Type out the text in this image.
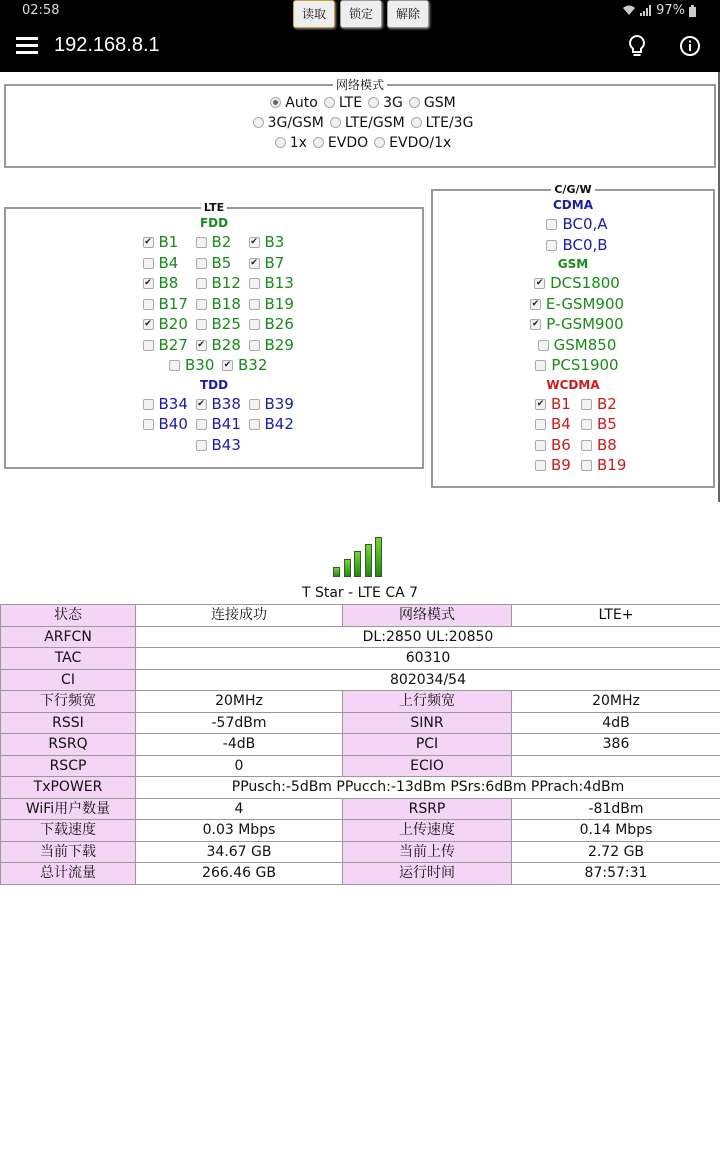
02:58	97%
192.168.8.1
网络模式
Auto LTE 3G GSM
3G/GSM LTE/GSM LTE/3G
1x EVDO EVDO/1x
LTE
FDD
✔B1 B2 ✔ B3
B4 B5 ✔ B7
✔B8 B12 B13
B17 B18 B19
✔B20 B25 B26
B27 ✔ B28 B29
B30 ✔ B32
TDD
B34 ✔ B38 B39
B40 B41 B42
B43
C/G/W
CDMA
BC0,A
BC0,B
GSM
✔DCS1800
✔E-GSM900
✔P-GSM900
GSM850
PCS1900
WCDMA
✔B1 B2
B4 B5
B6 B8
B9 B19
读取	锁定	解除
T Star - LTE CA 7
状态	连接成功	网络模式	LTE+
ARFCN	DL:2850 UL:20850		
TAC	60310		
CI	802034/54		
下行频宽	20MHz	上行频宽	20MHz
RSSI	-57dBm	SINR	4dB
RSRQ	-4dB	PCI	386
RSCP	0	ECIO	
TxPOWER	PPusch:-5dBm PPucch:-13dBm PSrs:6dBm PPrach:4dBm		
WiFi用户数量	4	RSRP	-81dBm
下载速度	0.03 Mbps	上传速度	0.14 Mbps
当前下载	34.67 GB	当前上传	2.72 GB
总计流量	266.46 GB	运行时间	87:57:31
